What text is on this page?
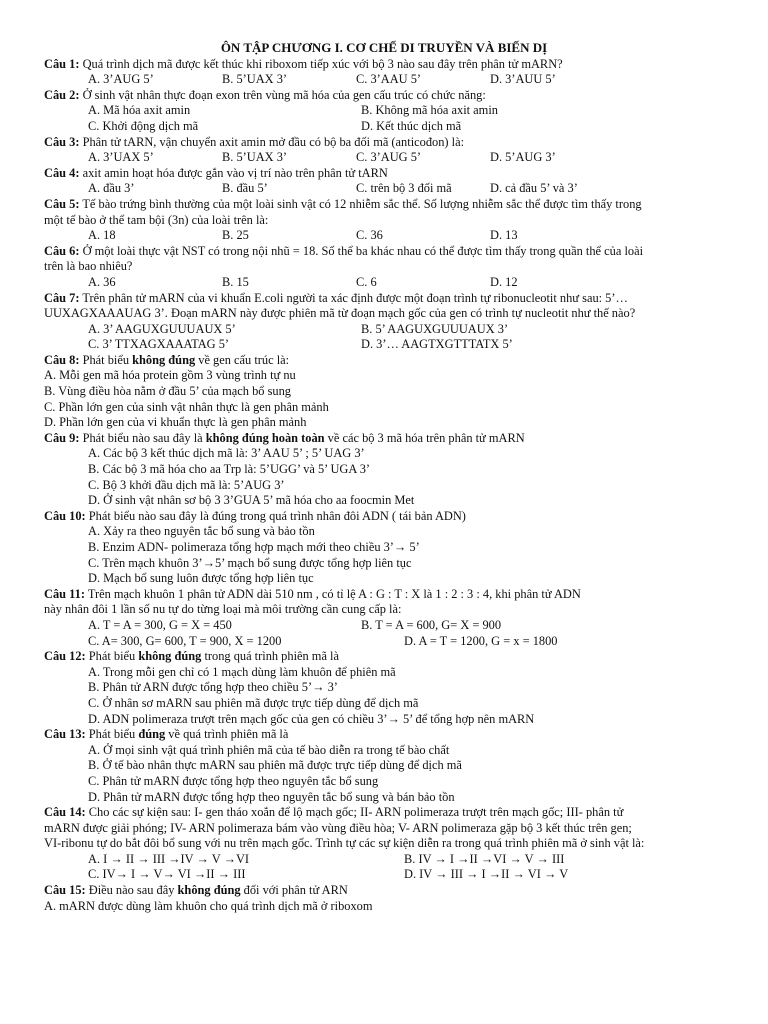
ÔN TẬP CHƯƠNG I. CƠ CHẾ DI TRUYỀN VÀ BIẾN DỊ
Câu 1: Quá trình dịch mã được kết thúc khi riboxom tiếp xúc với bộ 3 nào sau đây trên phân tử mARN?
A. 3’AUG 5’	B. 5’UAX 3’	C. 3’AAU 5’	D. 3’AUU 5’
Câu 2: Ở sinh vật nhân thực đoạn exon trên vùng mã hóa của gen cấu trúc có chức năng:
A. Mã hóa axit amin	B. Không mã hóa axit amin
C. Khởi động dịch mã	D. Kết thúc dịch mã
Câu 3: Phân tử tARN, vận chuyển axit amin mở đầu có bộ ba đối mã (anticođon) là:
A. 3’UAX 5’	B. 5’UAX 3’	C. 3’AUG 5’	D. 5’AUG 3’
Câu 4: axit amin hoạt hóa được gắn vào vị trí nào trên phân tử tARN
A. đầu 3’	B. đầu 5’	C. trên bộ 3 đối mã	D. cả đầu 5’ và 3’
Câu 5: Tế bào trứng bình thường của một loài sinh vật có 12 nhiễm sắc thể. Số lượng nhiễm sắc thể được tìm thấy trong
một tế bào ở thể tam bội (3n) của loài trên là:
A. 18	B. 25	C. 36	D. 13
Câu 6: Ở một loài thực vật NST có trong nội nhũ = 18. Số thể ba khác nhau có thể được tìm thấy trong quần thể của loài
trên là bao nhiêu?
A. 36	B. 15	C. 6	D. 12
Câu 7: Trên phân tử mARN của vi khuẩn E.coli người ta xác định được một đoạn trình tự ribonucleotit như sau: 5’…
UUXAGXAAAUAG 3’. Đoạn mARN này được phiên mã từ đoạn mạch gốc của gen có trình tự nucleotit như thế nào?
A. 3’ AAGUXGUUUAUX 5’	B. 5’ AAGUXGUUUAUX 3’
C. 3’ TTXAGXAAATAG 5’	D. 3’… AAGTXGTTTATX 5’
Câu 8: Phát biểu không đúng về gen cấu trúc là:
A. Mỗi gen mã hóa protein gồm 3 vùng trình tự nu
B. Vùng điều hòa nằm ở đầu 5’ của mạch bổ sung
C. Phần lớn gen của sinh vật nhân thực là gen phân mảnh
D. Phần lớn gen của vi khuẩn thực là gen phân mảnh
Câu 9: Phát biểu nào sau đây là không đúng hoàn toàn về các bộ 3 mã hóa trên phân tử mARN
A. Các bộ 3 kết thúc dịch mã là: 3’ AAU 5’ ; 5’ UAG 3’
B. Các bộ 3 mã hóa cho aa Trp là: 5’UGG’ và 5’ UGA 3’
C. Bộ 3 khởi đầu dịch mã là: 5’AUG 3’
D. Ở sinh vật nhân sơ bộ 3 3’GUA 5’ mã hóa cho aa foocmin Met
Câu 10: Phát biểu nào sau đây là đúng trong quá trình nhân đôi ADN ( tái bản ADN)
A. Xảy ra theo nguyên tắc bổ sung và bảo tồn
B. Enzim ADN- polimeraza tổng hợp mạch mới theo chiều 3’→ 5’
C. Trên mạch khuôn 3’→5’ mạch bổ sung được tổng hợp liên tục
D. Mạch bổ sung luôn được tổng hợp liên tục
Câu 11: Trên mạch khuôn 1 phân tử ADN dài 510 nm , có tỉ lệ A : G : T : X là 1 : 2 : 3 : 4, khi phân tử ADN
này nhân đôi 1 lần số nu tự do từng loại mà môi trường cần cung cấp là:
A. T = A = 300, G = X = 450	B. T = A = 600, G= X = 900
C. A= 300, G= 600, T = 900, X = 1200	D. A = T = 1200, G = x = 1800
Câu 12: Phát biểu không đúng trong quá trình phiên mã là
A. Trong mỗi gen chỉ có 1 mạch dùng làm khuôn để phiên mã
B. Phân tử ARN được tổng hợp theo chiều 5’→ 3’
C. Ở nhân sơ mARN sau phiên mã được trực tiếp dùng để dịch mã
D. ADN polimeraza trượt trên mạch gốc của gen có chiều 3’→ 5’ để tổng hợp nên mARN
Câu 13: Phát biểu đúng về quá trình phiên mã là
A. Ở mọi sinh vật quá trình phiên mã của tế bào diễn ra trong tế bào chất
B. Ở tế bào nhân thực mARN sau phiên mã được trực tiếp dùng để dịch mã
C. Phân tử mARN được tổng hợp theo nguyên tắc bổ sung
D. Phân tử mARN được tổng hợp theo nguyên tắc bổ sung và bán bảo tồn
Câu 14: Cho các sự kiện sau: I- gen tháo xoắn để lộ mạch gốc; II- ARN polimeraza trượt trên mạch gốc; III- phân tử
mARN được giải phóng; IV- ARN polimeraza bám vào vùng điều hòa; V- ARN polimeraza gặp bộ 3 kết thúc trên gen;
VI-ribonu tự do bắt đôi bổ sung với nu trên mạch gốc. Trình tự các sự kiện diễn ra trong quá trình phiên mã ở sinh vật là:
A. I → II → III →IV → V →VI	B. IV → I →II →VI → V → III
C. IV→ I → V→ VI →II → III	D. IV → III → I →II → VI → V
Câu 15: Điều nào sau đây không đúng đối với phân tử ARN
A. mARN được dùng làm khuôn cho quá trình dịch mã ở riboxom
